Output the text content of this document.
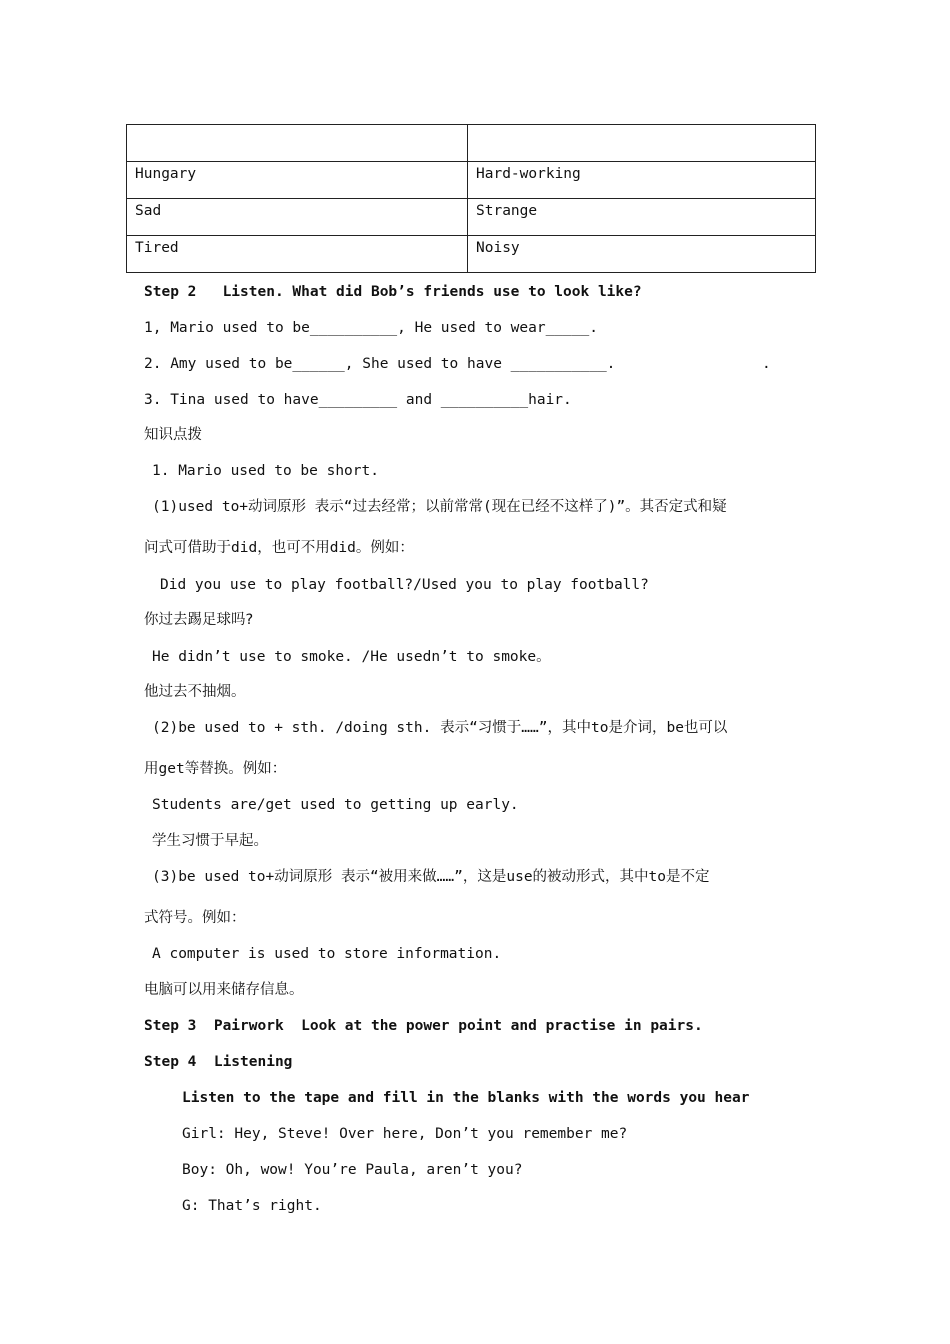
Hungary	Hard-working
Sad	Strange
Tired	Noisy
Step 2   Listen. What did Bob’s friends use to look like?
1, Mario used to be__________, He used to wear_____.
2. Amy used to be______, She used to have ___________.	.
3. Tina used to have_________ and __________hair.
知识点拨
1. Mario used to be short.
(1)used to+动词原形 表示“过去经常；以前常常(现在已经不这样了)”。其否定式和疑
问式可借助于did，也可不用did。例如：
Did you use to play football?/Used you to play football?
你过去踢足球吗?
He didn’t use to smoke. /He usedn’t to smoke。
他过去不抽烟。
(2)be used to + sth. /doing sth. 表示“习惯于……”，其中to是介词，be也可以
用get等替换。例如：
Students are/get used to getting up early.
学生习惯于早起。
(3)be used to+动词原形 表示“被用来做……”，这是use的被动形式，其中to是不定
式符号。例如：
A computer is used to store information.
电脑可以用来储存信息。
Step 3  Pairwork  Look at the power point and practise in pairs.
Step 4  Listening
Listen to the tape and fill in the blanks with the words you hear
Girl: Hey, Steve! Over here, Don’t you remember me?
Boy: Oh, wow! You’re Paula, aren’t you?
G: That’s right.
